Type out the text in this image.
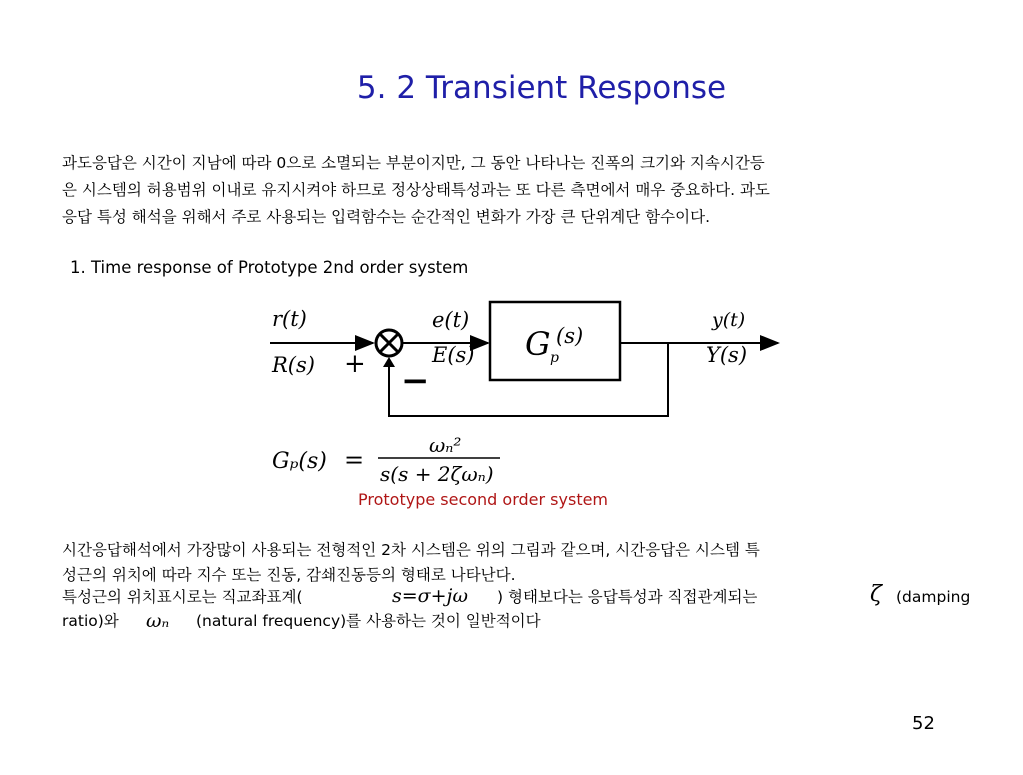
5. 2 Transient Response
과도응답은 시간이 지남에 따라 0으로 소멸되는 부분이지만, 그 동안 나타나는 진폭의 크기와 지속시간등
은 시스템의 허용범위 이내로 유지시켜야 하므로 정상상태특성과는 또 다른 측면에서 매우 중요하다. 과도
응답 특성 해석을 위해서 주로 사용되는 입력함수는 순간적인 변화가 가장 큰 단위계단 함수이다.
1. Time response of Prototype 2nd order system
r(t)
R(s)
e(t)
E(s) G p
(s)
y(t)
Y(s)
+ −
Gₚ(s) =
ωₙ²
s(s + 2ζωₙ)
Prototype second order system
시간응답해석에서 가장많이 사용되는 전형적인 2차 시스템은 위의 그림과 같으며, 시간응답은 시스템 특
성근의 위치에 따라 지수 또는 진동, 감쇄진동등의 형태로 나타난다.
특성근의 위치표시로는 직교좌표계(	s=σ+jω ) 형태보다는 응답특성과 직접관계되는	ζ (damping
ratio)와 ωₙ (natural frequency)를 사용하는 것이 일반적이다
52
